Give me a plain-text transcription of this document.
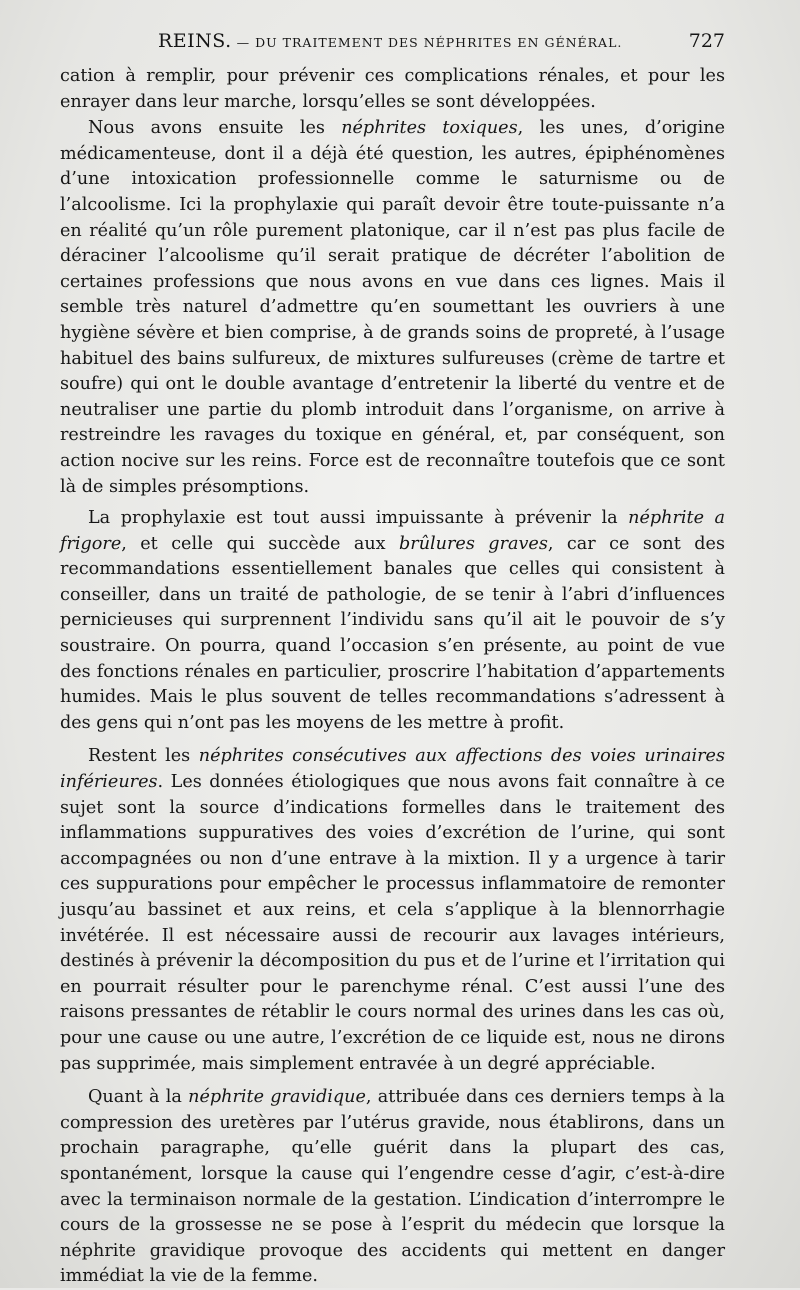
REINS. — DU TRAITEMENT DES NÉPHRITES EN GÉNÉRAL.	727

cation à remplir, pour prévenir ces complications rénales, et pour les enrayer dans leur marche, lorsqu’elles se sont développées.

Nous avons ensuite les néphrites toxiques, les unes, d’origine médicamenteuse, dont il a déjà été question, les autres, épiphénomènes d’une intoxication professionnelle comme le saturnisme ou de l’alcoolisme. Ici la prophylaxie qui paraît devoir être toute-puissante n’a en réalité qu’un rôle purement platonique, car il n’est pas plus facile de déraciner l’alcoolisme qu’il serait pratique de décréter l’abolition de certaines professions que nous avons en vue dans ces lignes. Mais il semble très naturel d’admettre qu’en soumettant les ouvriers à une hygiène sévère et bien comprise, à de grands soins de propreté, à l’usage habituel des bains sulfureux, de mixtures sulfureuses (crème de tartre et soufre) qui ont le double avantage d’entretenir la liberté du ventre et de neutraliser une partie du plomb introduit dans l’organisme, on arrive à restreindre les ravages du toxique en général, et, par conséquent, son action nocive sur les reins. Force est de reconnaître toutefois que ce sont là de simples présomptions.

La prophylaxie est tout aussi impuissante à prévenir la néphrite a frigore, et celle qui succède aux brûlures graves, car ce sont des recommandations essentiellement banales que celles qui consistent à conseiller, dans un traité de pathologie, de se tenir à l’abri d’influences pernicieuses qui surprennent l’individu sans qu’il ait le pouvoir de s’y soustraire. On pourra, quand l’occasion s’en présente, au point de vue des fonctions rénales en particulier, proscrire l’habitation d’appartements humides. Mais le plus souvent de telles recommandations s’adressent à des gens qui n’ont pas les moyens de les mettre à profit.

Restent les néphrites consécutives aux affections des voies urinaires inférieures. Les données étiologiques que nous avons fait connaître à ce sujet sont la source d’indications formelles dans le traitement des inflammations suppuratives des voies d’excrétion de l’urine, qui sont accompagnées ou non d’une entrave à la mixtion. Il y a urgence à tarir ces suppurations pour empêcher le processus inflammatoire de remonter jusqu’au bassinet et aux reins, et cela s’applique à la blennorrhagie invétérée. Il est nécessaire aussi de recourir aux lavages intérieurs, destinés à prévenir la décomposition du pus et de l’urine et l’irritation qui en pourrait résulter pour le parenchyme rénal. C’est aussi l’une des raisons pressantes de rétablir le cours normal des urines dans les cas où, pour une cause ou une autre, l’excrétion de ce liquide est, nous ne dirons pas supprimée, mais simplement entravée à un degré appréciable.

Quant à la néphrite gravidique, attribuée dans ces derniers temps à la compression des uretères par l’utérus gravide, nous établirons, dans un prochain paragraphe, qu’elle guérit dans la plupart des cas, spontanément, lorsque la cause qui l’engendre cesse d’agir, c’est-à-dire avec la terminaison normale de la gestation. L’indication d’interrompre le cours de la grossesse ne se pose à l’esprit du médecin que lorsque la néphrite gravidique provoque des accidents qui mettent en danger immédiat la vie de la femme.
